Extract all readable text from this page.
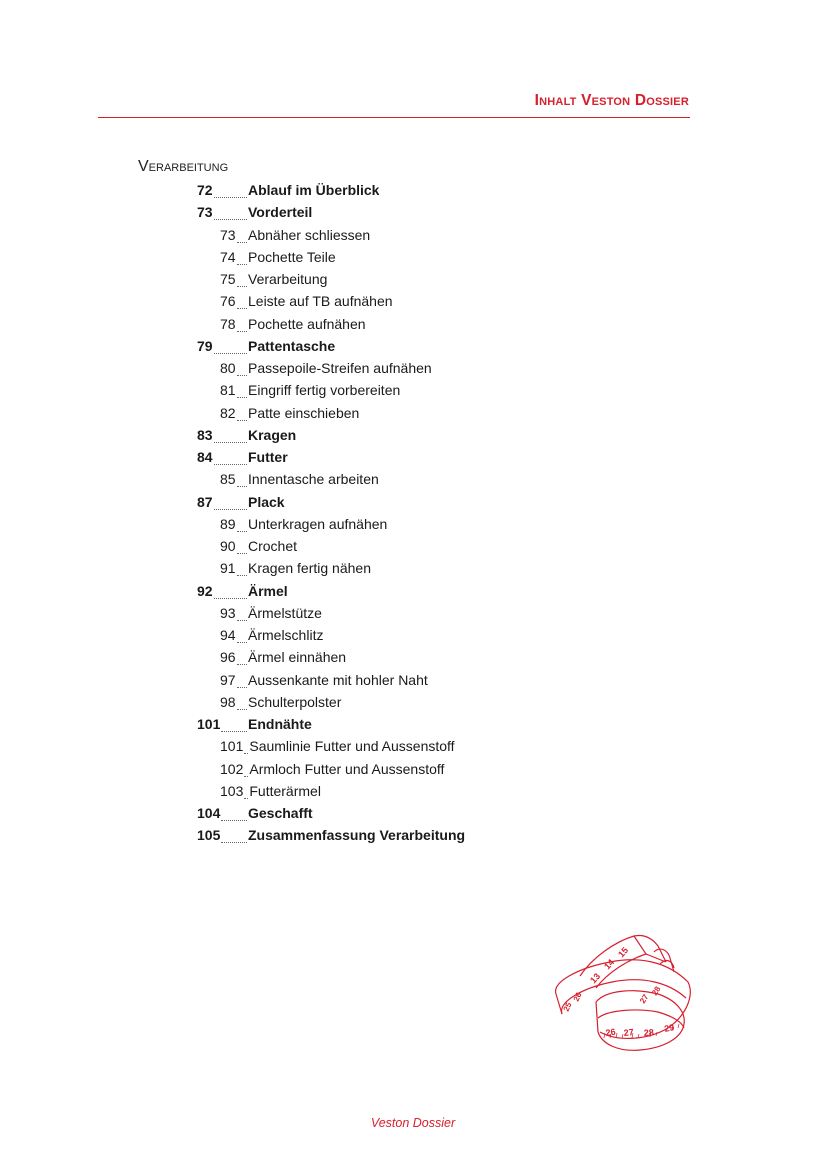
Inhalt Veston Dossier
Verarbeitung
72	Ablauf im Überblick
73	Vorderteil
73 Abnäher schliessen
74 Pochette Teile
75 Verarbeitung
76 Leiste auf TB aufnähen
78 Pochette aufnähen
79	Pattentasche
80 Passepoile-Streifen aufnähen
81 Eingriff fertig vorbereiten
82 Patte einschieben
83	Kragen
84	Futter
85 Innentasche arbeiten
87	Plack
89 Unterkragen aufnähen
90 Crochet
91 Kragen fertig nähen
92	Ärmel
93 Ärmelstütze
94 Ärmelschlitz
96 Ärmel einnähen
97 Aussenkante mit hohler Naht
98 Schulterpolster
101 Endnähte
101 Saumlinie Futter und Aussenstoff
102 Armloch Futter und Aussenstoff
103 Futterärmel
104 Geschafft
105 Zusammenfassung Verarbeitung
26 27 28 29
13
14
15
25
26	27
28
Veston Dossier
